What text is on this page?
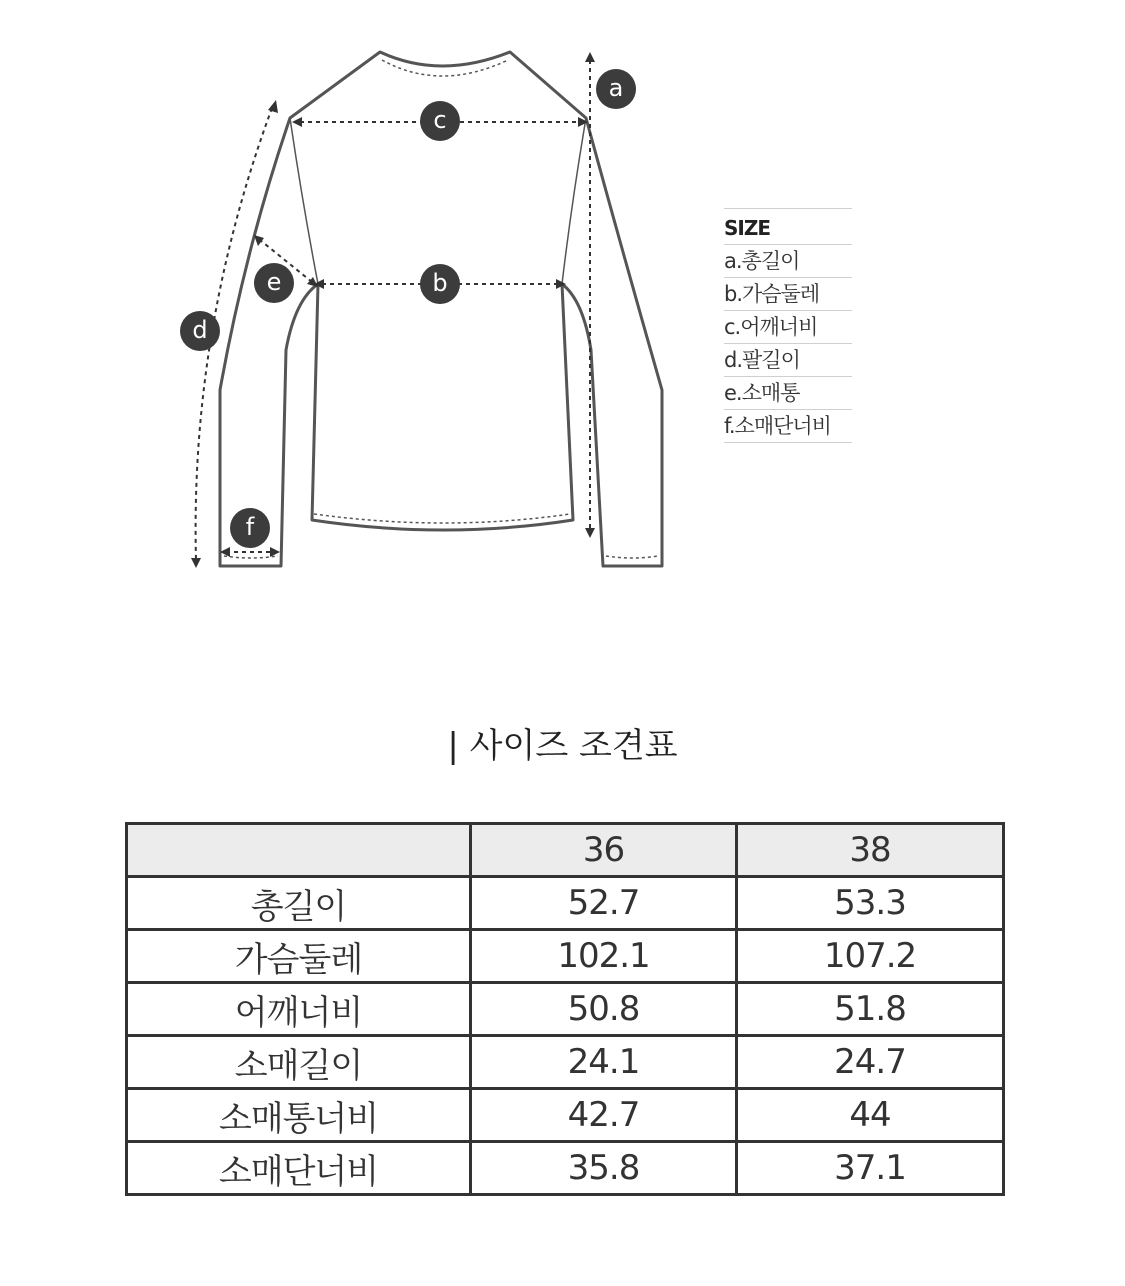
a
c
b
e
d
f
SIZE
a.총길이
b.가슴둘레
c.어깨너비
d.팔길이
e.소매통
f.소매단너비
| 사이즈 조견표
	36	38
총길이	52.7	53.3
가슴둘레	102.1	107.2
어깨너비	50.8	51.8
소매길이	24.1	24.7
소매통너비	42.7	44
소매단너비	35.8	37.1
